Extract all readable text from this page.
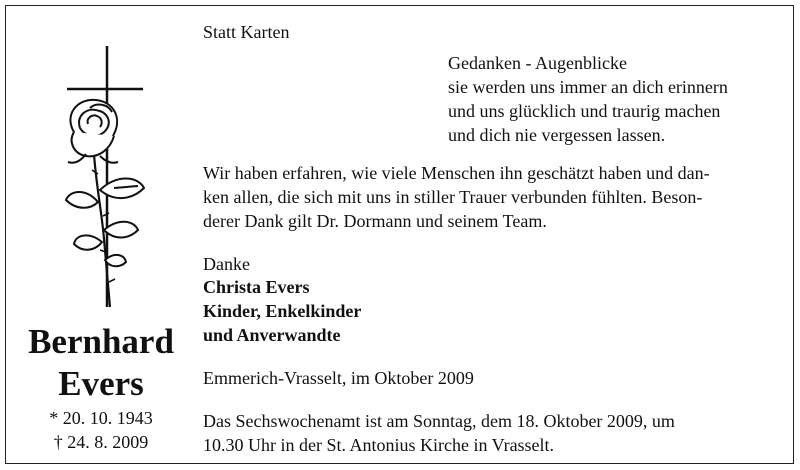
Bernhard
Evers
* 20. 10. 1943
† 24. 8. 2009
Statt Karten
Gedanken - Augenblicke
sie werden uns immer an dich erinnern
und uns glücklich und traurig machen
und dich nie vergessen lassen.
Wir haben erfahren, wie viele Menschen ihn geschätzt haben und dan-
ken allen, die sich mit uns in stiller Trauer verbunden fühlten. Beson-
derer Dank gilt Dr. Dormann und seinem Team.
Danke
Christa Evers
Kinder, Enkelkinder
und Anverwandte
Emmerich-Vrasselt, im Oktober 2009
Das Sechswochenamt ist am Sonntag, dem 18. Oktober 2009, um
10.30 Uhr in der St. Antonius Kirche in Vrasselt.
